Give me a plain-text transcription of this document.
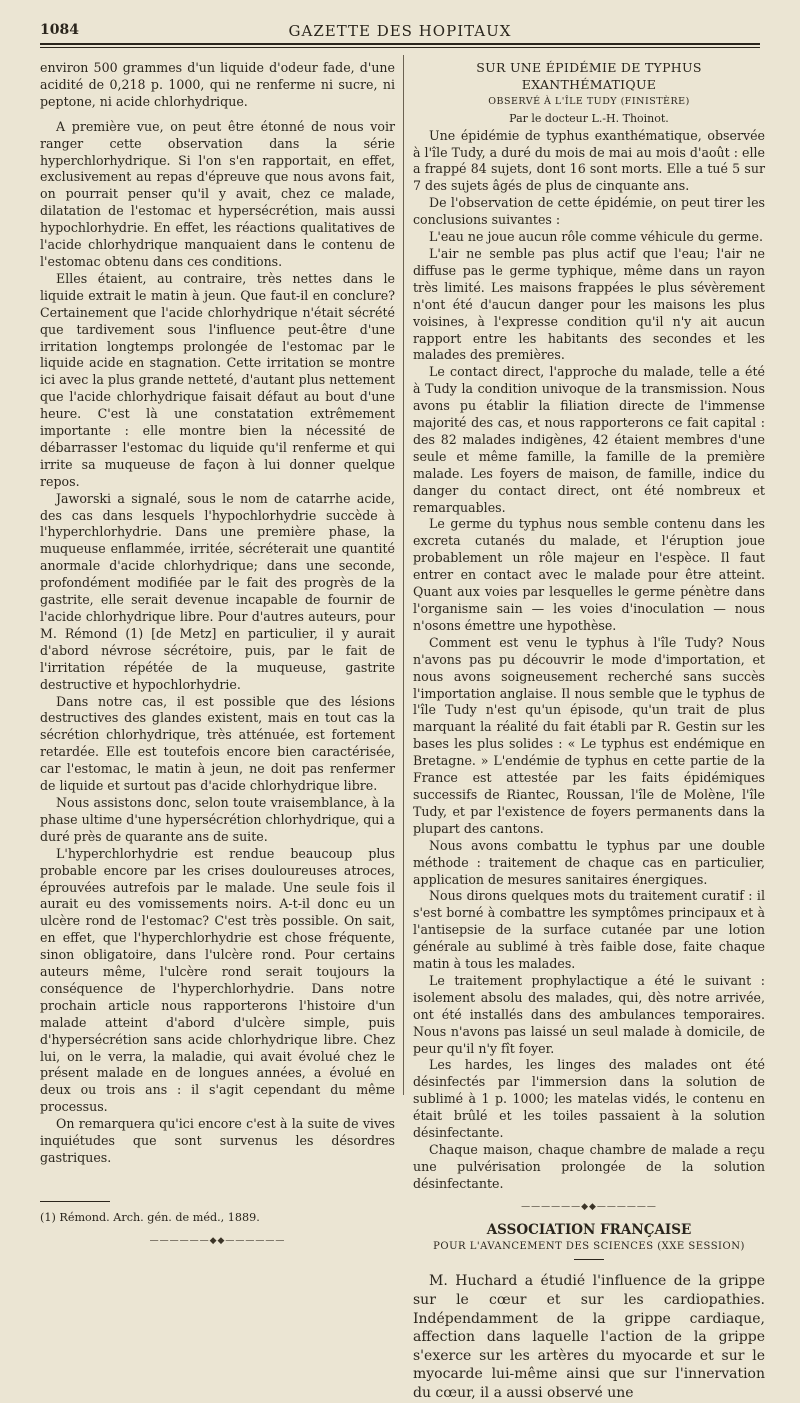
1084	GAZETTE DES HOPITAUX

environ 500 grammes d'un liquide d'odeur fade, d'une acidité de 0,218 p. 1000, qui ne renferme ni sucre, ni peptone, ni acide chlorhydrique.

A première vue, on peut être étonné de nous voir ranger cette observation dans la série hyperchlorhydrique. Si l'on s'en rapportait, en effet, exclusivement au repas d'épreuve que nous avons fait, on pourrait penser qu'il y avait, chez ce malade, dilatation de l'estomac et hypersécrétion, mais aussi hypochlorhydrie. En effet, les réactions qualitatives de l'acide chlorhydrique manquaient dans le contenu de l'estomac obtenu dans ces conditions.

Elles étaient, au contraire, très nettes dans le liquide extrait le matin à jeun. Que faut-il en conclure? Certainement que l'acide chlorhydrique n'était sécrété que tardivement sous l'influence peut-être d'une irritation longtemps prolongée de l'estomac par le liquide acide en stagnation. Cette irritation se montre ici avec la plus grande netteté, d'autant plus nettement que l'acide chlorhydrique faisait défaut au bout d'une heure. C'est là une constatation extrêmement importante : elle montre bien la nécessité de débarrasser l'estomac du liquide qu'il renferme et qui irrite sa muqueuse de façon à lui donner quelque repos.

Jaworski a signalé, sous le nom de catarrhe acide, des cas dans lesquels l'hypochlorhydrie succède à l'hyperchlorhydrie. Dans une première phase, la muqueuse enflammée, irritée, sécréterait une quantité anormale d'acide chlorhydrique; dans une seconde, profondément modifiée par le fait des progrès de la gastrite, elle serait devenue incapable de fournir de l'acide chlorhydrique libre. Pour d'autres auteurs, pour M. Rémond (1) [de Metz] en particulier, il y aurait d'abord névrose sécrétoire, puis, par le fait de l'irritation répétée de la muqueuse, gastrite destructive et hypochlorhydrie.

Dans notre cas, il est possible que des lésions destructives des glandes existent, mais en tout cas la sécrétion chlorhydrique, très atténuée, est fortement retardée. Elle est toutefois encore bien caractérisée, car l'estomac, le matin à jeun, ne doit pas renfermer de liquide et surtout pas d'acide chlorhydrique libre.

Nous assistons donc, selon toute vraisemblance, à la phase ultime d'une hypersécrétion chlorhydrique, qui a duré près de quarante ans de suite.

L'hyperchlorhydrie est rendue beaucoup plus probable encore par les crises douloureuses atroces, éprouvées autrefois par le malade. Une seule fois il aurait eu des vomissements noirs. A-t-il donc eu un ulcère rond de l'estomac? C'est très possible. On sait, en effet, que l'hyperchlorhydrie est chose fréquente, sinon obligatoire, dans l'ulcère rond. Pour certains auteurs même, l'ulcère rond serait toujours la conséquence de l'hyperchlorhydrie. Dans notre prochain article nous rapporterons l'histoire d'un malade atteint d'abord d'ulcère simple, puis d'hypersécrétion sans acide chlorhydrique libre. Chez lui, on le verra, la maladie, qui avait évolué chez le présent malade en de longues années, a évolué en deux ou trois ans : il s'agit cependant du même processus.

On remarquera qu'ici encore c'est à la suite de vives inquiétudes que sont survenus les désordres gastriques.

(1) Rémond. Arch. gén. de méd., 1889.

——————◆◆——————

SUR UNE ÉPIDÉMIE DE TYPHUS EXANTHÉMATIQUE

OBSERVÉ À L'ÎLE TUDY (FINISTÈRE)

Par le docteur L.-H. Thoinot.

Une épidémie de typhus exanthématique, observée à l'île Tudy, a duré du mois de mai au mois d'août : elle a frappé 84 sujets, dont 16 sont morts. Elle a tué 5 sur 7 des sujets âgés de plus de cinquante ans.

De l'observation de cette épidémie, on peut tirer les conclusions suivantes :

L'eau ne joue aucun rôle comme véhicule du germe.

L'air ne semble pas plus actif que l'eau; l'air ne diffuse pas le germe typhique, même dans un rayon très limité. Les maisons frappées le plus sévèrement n'ont été d'aucun danger pour les maisons les plus voisines, à l'expresse condition qu'il n'y ait aucun rapport entre les habitants des secondes et les malades des premières.

Le contact direct, l'approche du malade, telle a été à Tudy la condition univoque de la transmission. Nous avons pu établir la filiation directe de l'immense majorité des cas, et nous rapporterons ce fait capital : des 82 malades indigènes, 42 étaient membres d'une seule et même famille, la famille de la première malade. Les foyers de maison, de famille, indice du danger du contact direct, ont été nombreux et remarquables.

Le germe du typhus nous semble contenu dans les excreta cutanés du malade, et l'éruption joue probablement un rôle majeur en l'espèce. Il faut entrer en contact avec le malade pour être atteint. Quant aux voies par lesquelles le germe pénètre dans l'organisme sain — les voies d'inoculation — nous n'osons émettre une hypothèse.

Comment est venu le typhus à l'île Tudy? Nous n'avons pas pu découvrir le mode d'importation, et nous avons soigneusement recherché sans succès l'importation anglaise. Il nous semble que le typhus de l'île Tudy n'est qu'un épisode, qu'un trait de plus marquant la réalité du fait établi par R. Gestin sur les bases les plus solides : « Le typhus est endémique en Bretagne. » L'endémie de typhus en cette partie de la France est attestée par les faits épidémiques successifs de Riantec, Roussan, l'île de Molène, l'île Tudy, et par l'existence de foyers permanents dans la plupart des cantons.

Nous avons combattu le typhus par une double méthode : traitement de chaque cas en particulier, application de mesures sanitaires énergiques.

Nous dirons quelques mots du traitement curatif : il s'est borné à combattre les symptômes principaux et à l'antisepsie de la surface cutanée par une lotion générale au sublimé à très faible dose, faite chaque matin à tous les malades.

Le traitement prophylactique a été le suivant : isolement absolu des malades, qui, dès notre arrivée, ont été installés dans des ambulances temporaires. Nous n'avons pas laissé un seul malade à domicile, de peur qu'il n'y fît foyer.

Les hardes, les linges des malades ont été désinfectés par l'immersion dans la solution de sublimé à 1 p. 1000; les matelas vidés, le contenu en était brûlé et les toiles passaient à la solution désinfectante.

Chaque maison, chaque chambre de malade a reçu une pulvérisation prolongée de la solution désinfectante.

——————◆◆——————

ASSOCIATION FRANÇAISE

POUR L'AVANCEMENT DES SCIENCES (XXE SESSION)

M. Huchard a étudié l'influence de la grippe sur le cœur et sur les cardiopathies. Indépendamment de la grippe cardiaque, affection dans laquelle l'action de la grippe s'exerce sur les artères du myocarde et sur le myocarde lui-même ainsi que sur l'innervation du cœur, il a aussi observé une
